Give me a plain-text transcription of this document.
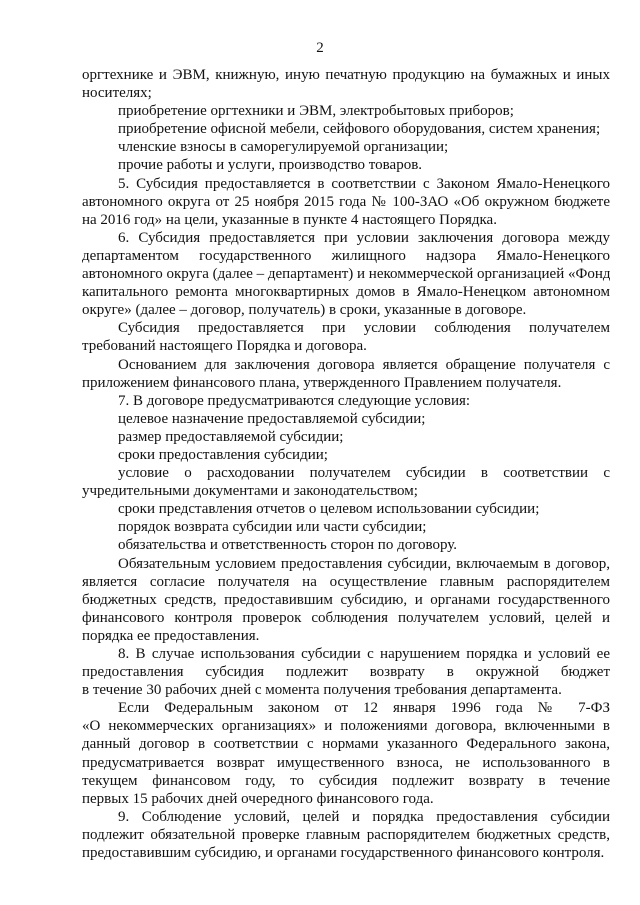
2
оргтехнике и ЭВМ, книжную, иную печатную продукцию на бумажных и иных
носителях;
приобретение оргтехники и ЭВМ, электробытовых приборов;
приобретение офисной мебели, сейфового оборудования, систем хранения;
членские взносы в саморегулируемой организации;
прочие работы и услуги, производство товаров.
5. Субсидия предоставляется в соответствии с Законом Ямало-Ненецкого
автономного округа от 25 ноября 2015 года № 100-ЗАО «Об окружном бюджете
на 2016 год» на цели, указанные в пункте 4 настоящего Порядка.
6. Субсидия предоставляется при условии заключения договора между
департаментом государственного жилищного надзора Ямало-Ненецкого
автономного округа (далее – департамент) и некоммерческой организацией «Фонд
капитального ремонта многоквартирных домов в Ямало-Ненецком автономном
округе» (далее – договор, получатель) в сроки, указанные в договоре.
Субсидия предоставляется при условии соблюдения получателем
требований настоящего Порядка и договора.
Основанием для заключения договора является обращение получателя с
приложением финансового плана, утвержденного Правлением получателя.
7. В договоре предусматриваются следующие условия:
целевое назначение предоставляемой субсидии;
размер предоставляемой субсидии;
сроки предоставления субсидии;
условие о расходовании получателем субсидии в соответствии с
учредительными документами и законодательством;
сроки представления отчетов о целевом использовании субсидии;
порядок возврата субсидии или части субсидии;
обязательства и ответственность сторон по договору.
Обязательным условием предоставления субсидии, включаемым в договор,
является согласие получателя на осуществление главным распорядителем
бюджетных средств, предоставившим субсидию, и органами государственного
финансового контроля проверок соблюдения получателем условий, целей и
порядка ее предоставления.
8. В случае использования субсидии с нарушением порядка и условий ее
предоставления субсидия подлежит возврату в окружной бюджет
в течение 30 рабочих дней с момента получения требования департамента.
Если Федеральным законом от 12 января 1996 года № 7-ФЗ
«О некоммерческих организациях» и положениями договора, включенными в
данный договор в соответствии с нормами указанного Федерального закона,
предусматривается возврат имущественного взноса, не использованного в
текущем финансовом году, то субсидия подлежит возврату в течение
первых 15 рабочих дней очередного финансового года.
9. Соблюдение условий, целей и порядка предоставления субсидии
подлежит обязательной проверке главным распорядителем бюджетных средств,
предоставившим субсидию, и органами государственного финансового контроля.
